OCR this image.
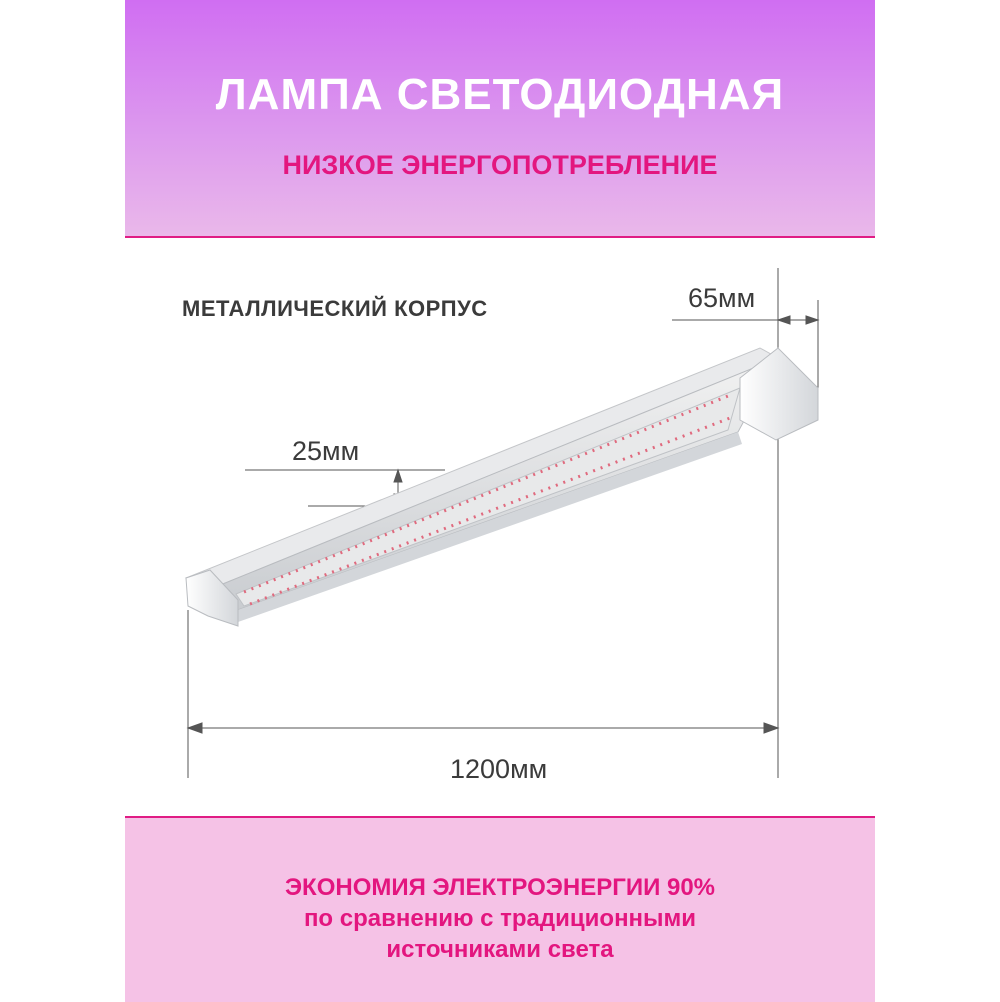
ЛАМПА СВЕТОДИОДНАЯ
НИЗКОЕ ЭНЕРГОПОТРЕБЛЕНИЕ
МЕТАЛЛИЧЕСКИЙ КОРПУС	65мм
25мм
1200мм
ЭКОНОМИЯ ЭЛЕКТРОЭНЕРГИИ 90%
по сравнению с традиционными
источниками света
